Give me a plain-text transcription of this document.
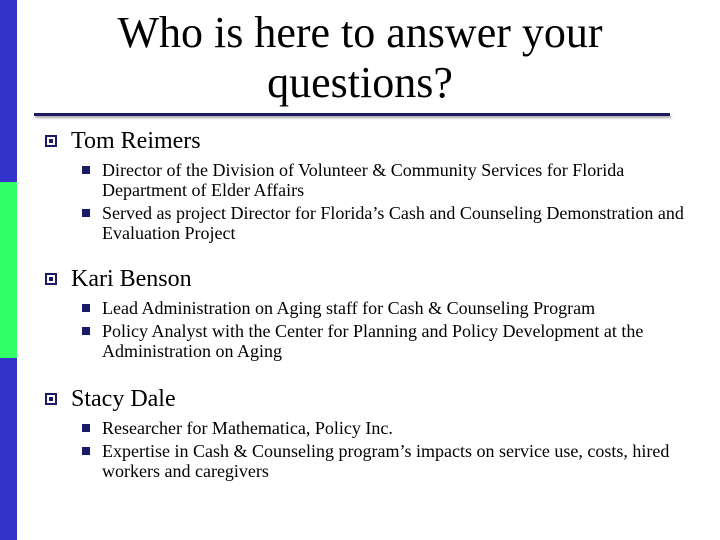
Who is here to answer your
questions?
Tom Reimers
Director of the Division of Volunteer & Community Services for Florida Department of Elder Affairs
Served as project Director for Florida’s Cash and Counseling Demonstration and Evaluation Project
Kari Benson
Lead Administration on Aging staff for Cash & Counseling Program
Policy Analyst with the Center for Planning and Policy Development at the Administration on Aging
Stacy Dale
Researcher for Mathematica, Policy Inc.
Expertise in Cash & Counseling program’s impacts on service use, costs, hired workers and caregivers
